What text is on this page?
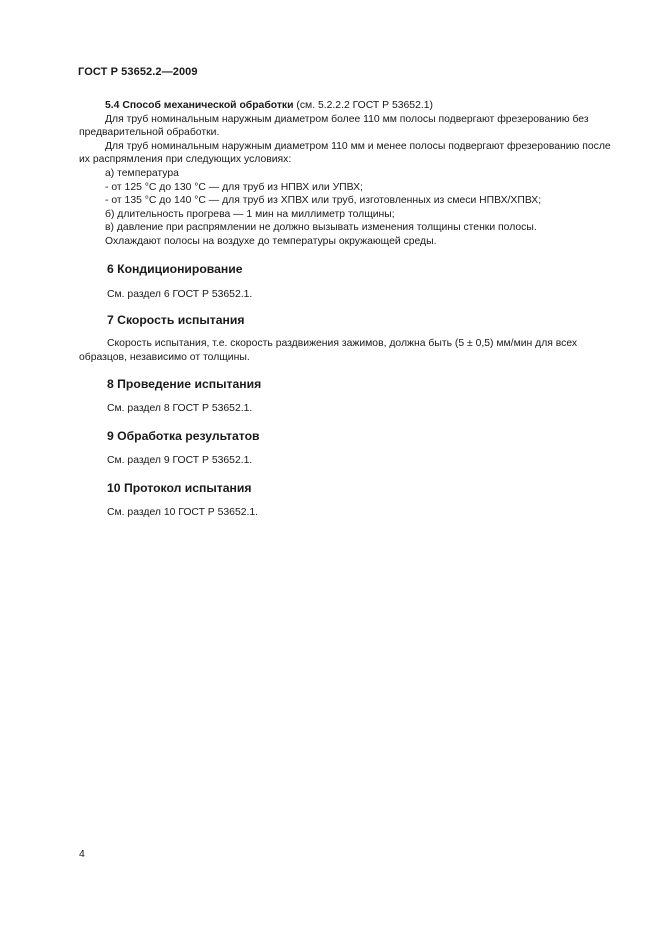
ГОСТ Р 53652.2—2009

5.4 Способ механической обработки (см. 5.2.2.2 ГОСТ Р 53652.1)

Для труб номинальным наружным диаметром более 110 мм полосы подвергают фрезерованию без предварительной обработки.

Для труб номинальным наружным диаметром 110 мм и менее полосы подвергают фрезерованию после их распрямления при следующих условиях:

а) температура

- от 125 °С до 130 °С — для труб из НПВХ или УПВХ;

- от 135 °С до 140 °С — для труб из ХПВХ или труб, изготовленных из смеси НПВХ/ХПВХ;

б) длительность прогрева — 1 мин на миллиметр толщины;

в) давление при распрямлении не должно вызывать изменения толщины стенки полосы.

Охлаждают полосы на воздухе до температуры окружающей среды.

6 Кондиционирование

См. раздел 6 ГОСТ Р 53652.1.

7 Скорость испытания

Скорость испытания, т.е. скорость раздвижения зажимов, должна быть (5 ± 0,5) мм/мин для всех образцов, независимо от толщины.

8 Проведение испытания

См. раздел 8 ГОСТ Р 53652.1.

9 Обработка результатов

См. раздел 9 ГОСТ Р 53652.1.

10 Протокол испытания

См. раздел 10 ГОСТ Р 53652.1.

4
